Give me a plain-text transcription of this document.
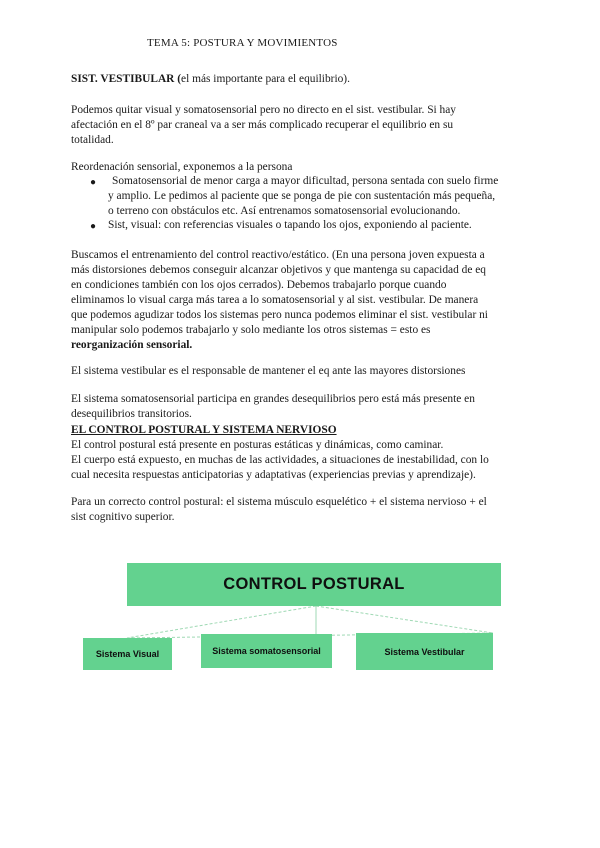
TEMA 5: POSTURA Y MOVIMIENTOS
SIST. VESTIBULAR (el más importante para el equilibrio).
Podemos quitar visual y somatosensorial pero no directo en el sist. vestibular. Si hay
afectación en el 8º par craneal va a ser más complicado recuperar el equilibrio en su
totalidad.
Reordenación sensorial, exponemos a la persona
● Somatosensorial de menor carga a mayor dificultad, persona sentada con suelo firme
y amplio. Le pedimos al paciente que se ponga de pie con sustentación más pequeña,
o terreno con obstáculos etc. Así entrenamos somatosensorial evolucionando.
● Sist, visual: con referencias visuales o tapando los ojos, exponiendo al paciente.
Buscamos el entrenamiento del control reactivo/estático. (En una persona joven expuesta a
más distorsiones debemos conseguir alcanzar objetivos y que mantenga su capacidad de eq
en condiciones también con los ojos cerrados). Debemos trabajarlo porque cuando
eliminamos lo visual carga más tarea a lo somatosensorial y al sist. vestibular. De manera
que podemos agudizar todos los sistemas pero nunca podemos eliminar el sist. vestibular ni
manipular solo podemos trabajarlo y solo mediante los otros sistemas = esto es
reorganización sensorial.
El sistema vestibular es el responsable de mantener el eq ante las mayores distorsiones
El sistema somatosensorial participa en grandes desequilibrios pero está más presente en
desequilibrios transitorios.
EL CONTROL POSTURAL Y SISTEMA NERVIOSO
El control postural está presente en posturas estáticas y dinámicas, como caminar.
El cuerpo está expuesto, en muchas de las actividades, a situaciones de inestabilidad, con lo
cual necesita respuestas anticipatorias y adaptativas (experiencias previas y aprendizaje).
Para un correcto control postural: el sistema músculo esquelético + el sistema nervioso + el
sist cognitivo superior.
CONTROL POSTURAL
Sistema Visual	Sistema somatosensorial	Sistema Vestibular
